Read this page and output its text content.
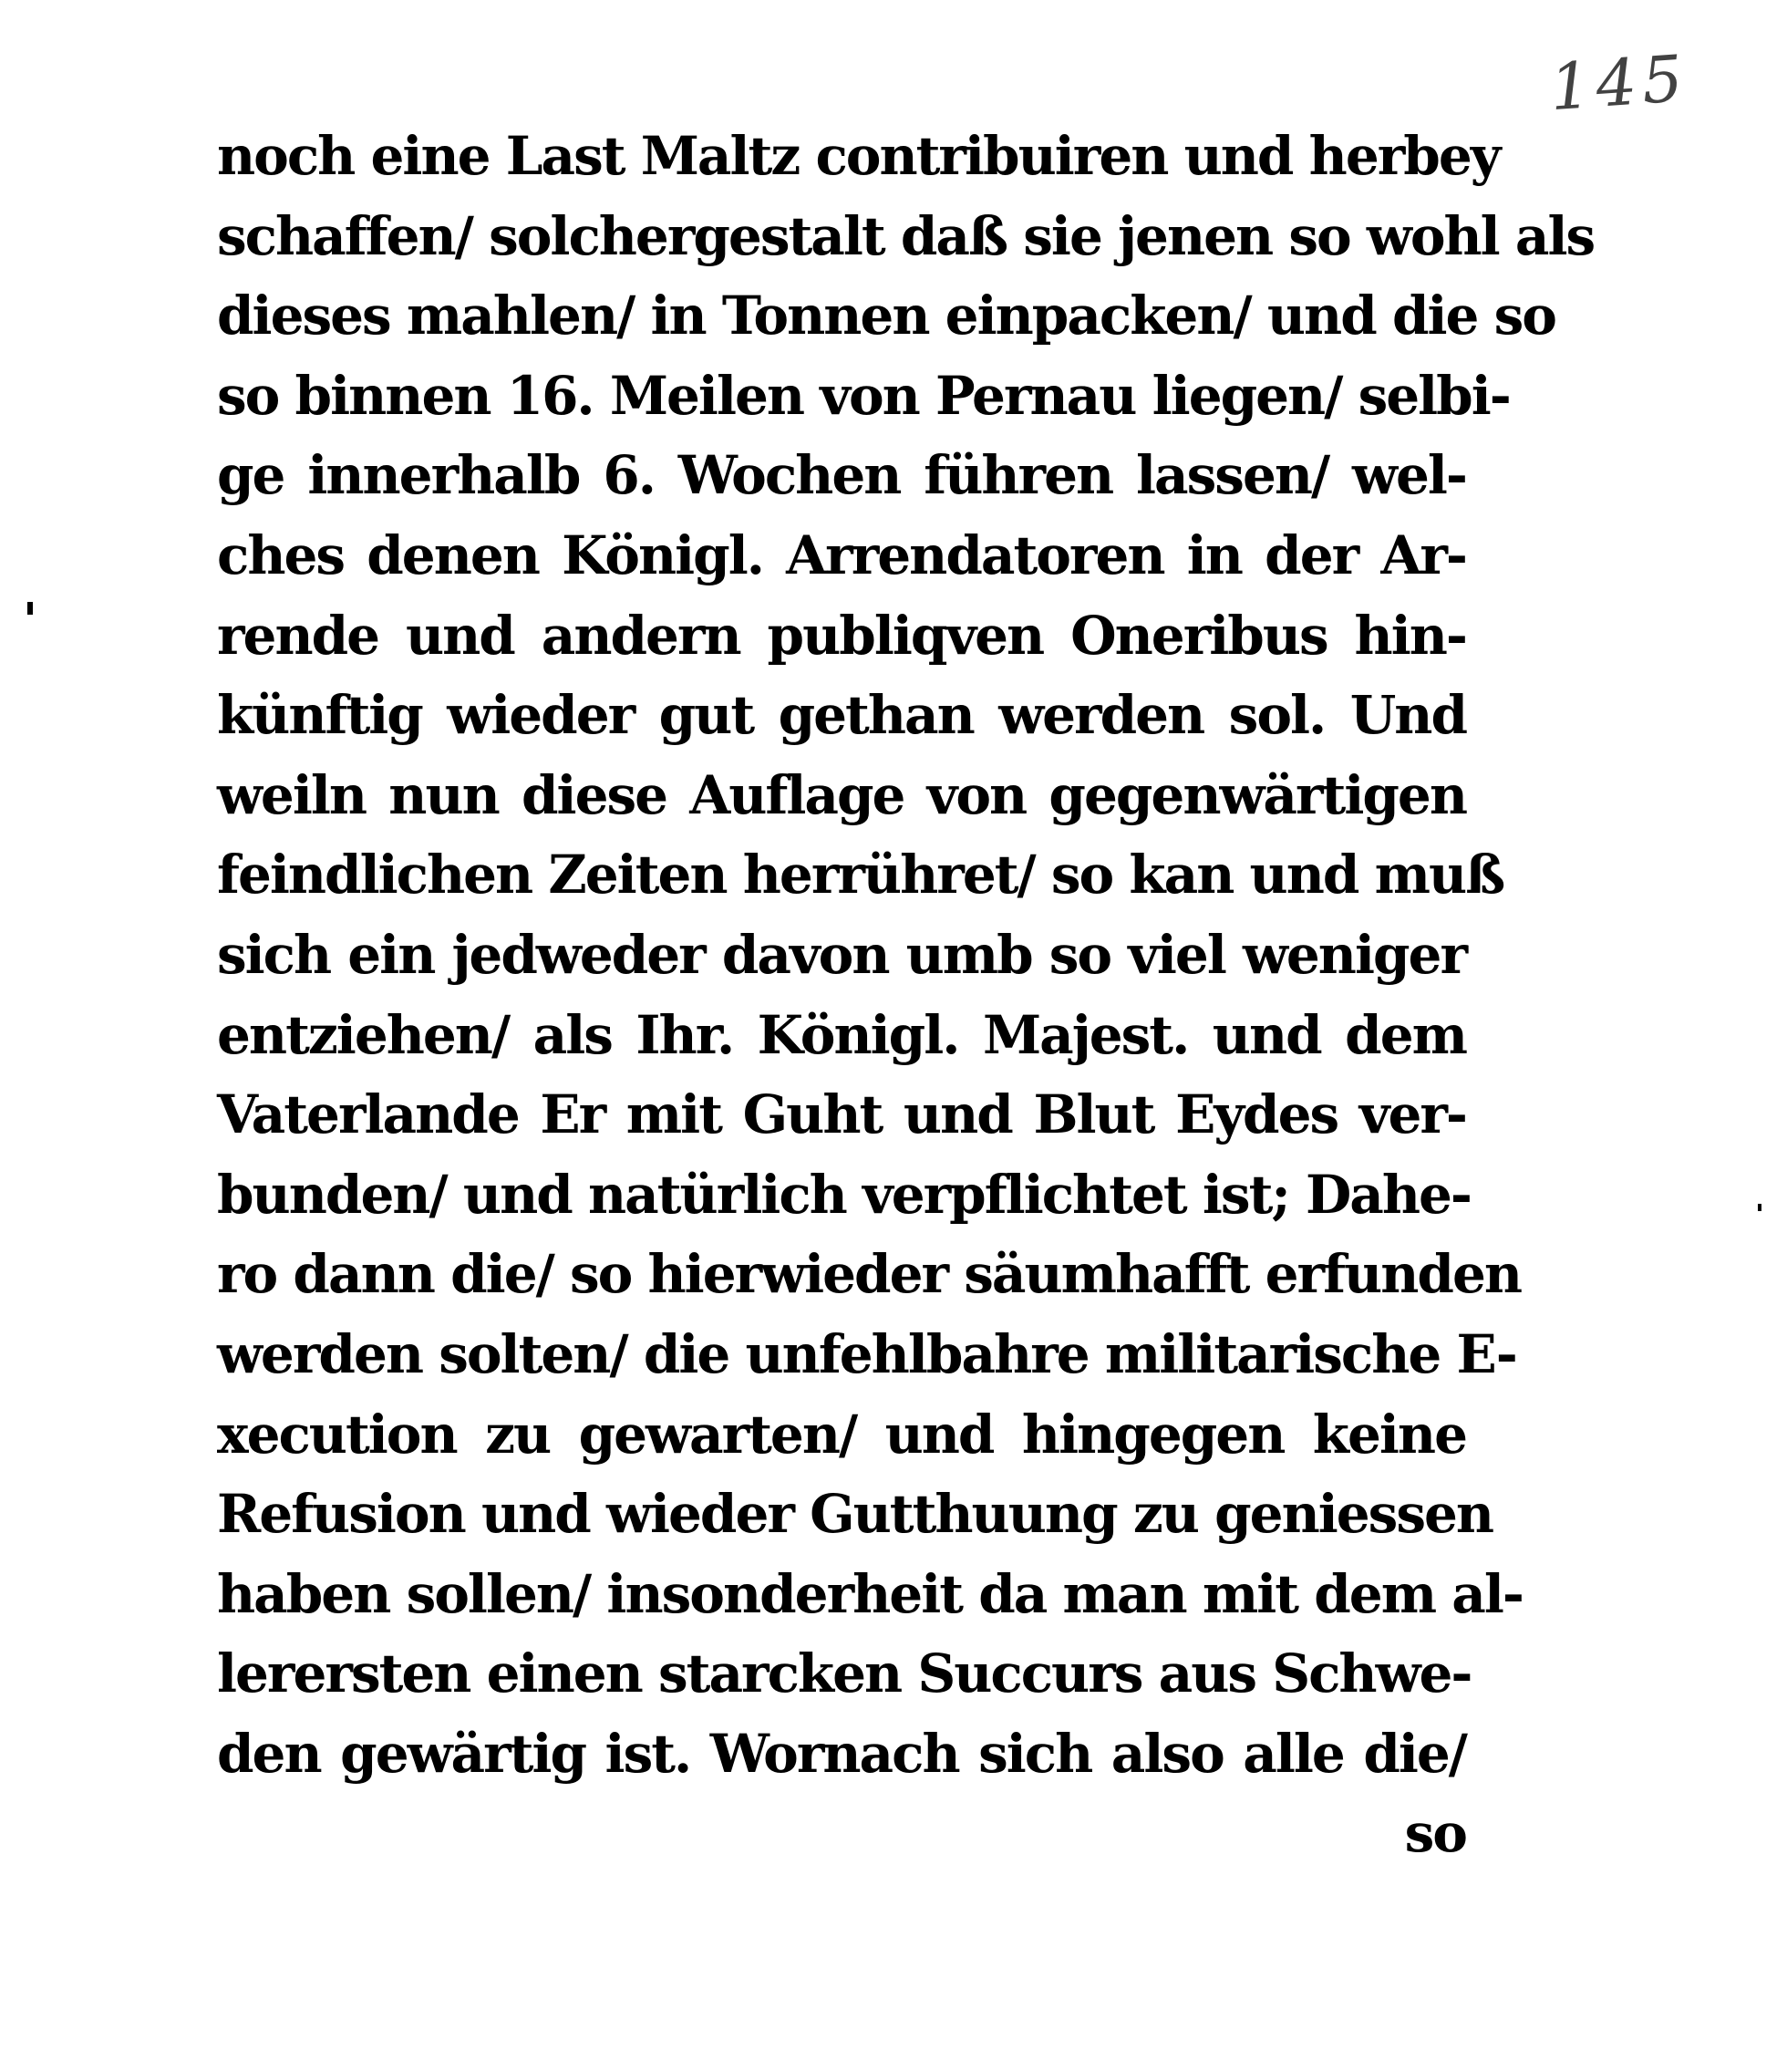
145
noch eine Last Maltz contribuiren und herbey
schaffen/ solchergestalt daß sie jenen so wohl als
dieses mahlen/ in Tonnen einpacken/ und die so
so binnen 16. Meilen von Pernau liegen/ selbi-
ge innerhalb 6. Wochen führen lassen/ wel-
ches denen Königl. Arrendatoren in der Ar-
rende und andern publiqven Oneribus hin-
künftig wieder gut gethan werden sol. Und
weiln nun diese Auflage von gegenwärtigen
feindlichen Zeiten herrühret/ so kan und muß
sich ein jedweder davon umb so viel weniger
entziehen/ als Ihr. Königl. Majest. und dem
Vaterlande Er mit Guht und Blut Eydes ver-
bunden/ und natürlich verpflichtet ist; Dahe-
ro dann die/ so hierwieder säumhafft erfunden
werden solten/ die unfehlbahre militarische E-
xecution zu gewarten/ und hingegen keine
Refusion und wieder Gutthuung zu geniessen
haben sollen/ insonderheit da man mit dem al-
lerersten einen starcken Succurs aus Schwe-
den gewärtig ist. Wornach sich also alle die/
so
